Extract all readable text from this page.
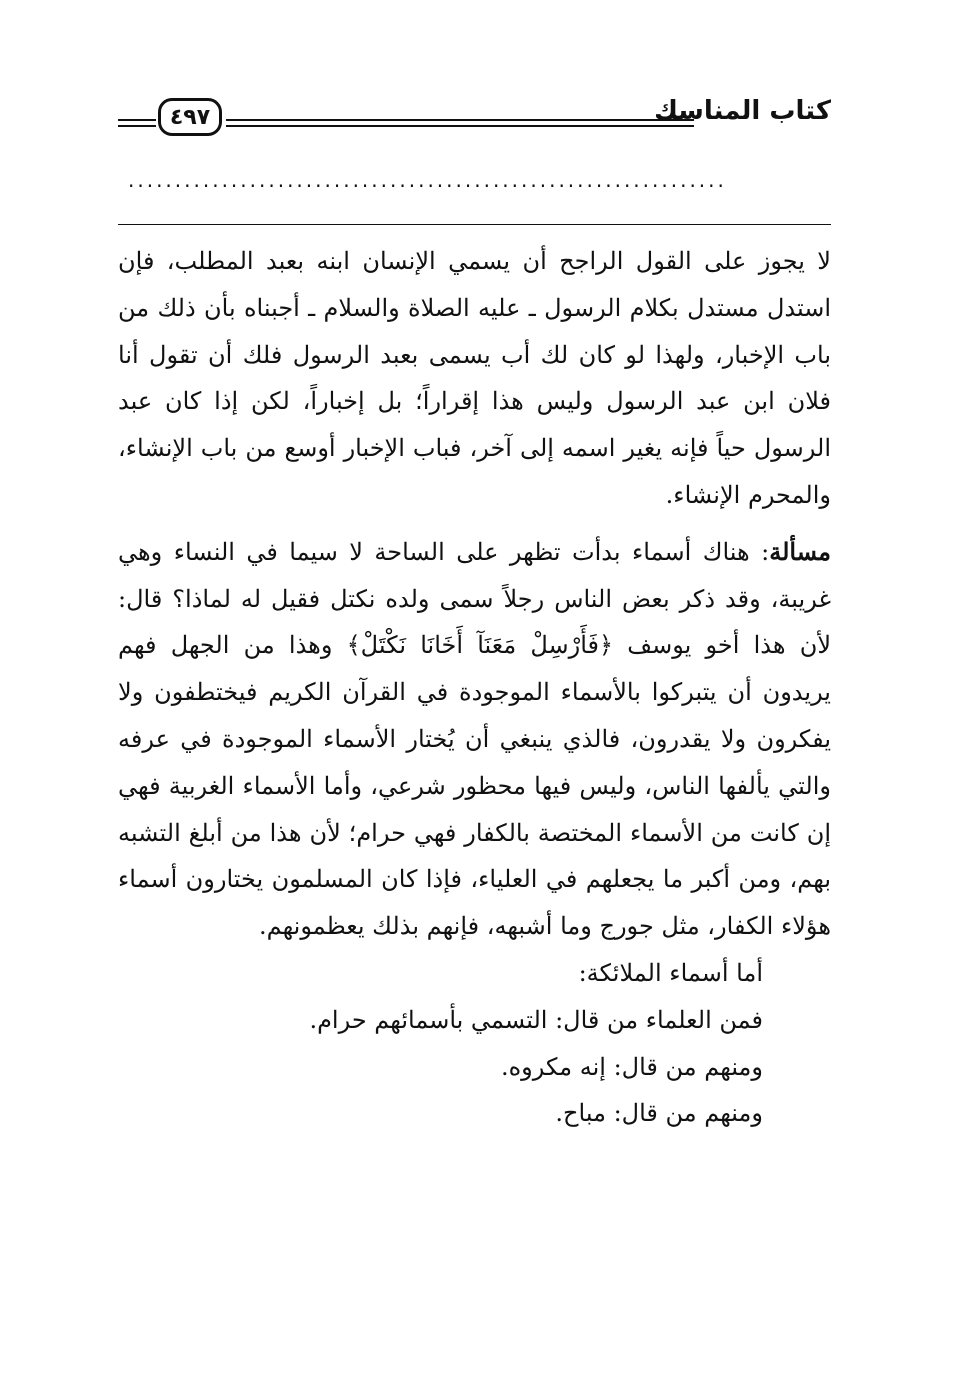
٤٩٧	كتاب المناسك
................................................................

لا يجوز على القول الراجح أن يسمي الإنسان ابنه بعبد المطلب، فإن استدل مستدل بكلام الرسول ـ عليه الصلاة والسلام ـ أجبناه بأن ذلك من باب الإخبار، ولهذا لو كان لك أب يسمى بعبد الرسول فلك أن تقول أنا فلان ابن عبد الرسول وليس هذا إقراراً؛ بل إخباراً، لكن إذا كان عبد الرسول حياً فإنه يغير اسمه إلى آخر، فباب الإخبار أوسع من باب الإنشاء، والمحرم الإنشاء.

مسألة: هناك أسماء بدأت تظهر على الساحة لا سيما في النساء وهي غريبة، وقد ذكر بعض الناس رجلاً سمى ولده نكتل فقيل له لماذا؟ قال: لأن هذا أخو يوسف ﴿فَأَرْسِلْ مَعَنَآ أَخَانَا نَكْتَلْ﴾ وهذا من الجهل فهم يريدون أن يتبركوا بالأسماء الموجودة في القرآن الكريم فيختطفون ولا يفكرون ولا يقدرون، فالذي ينبغي أن يُختار الأسماء الموجودة في عرفه والتي يألفها الناس، وليس فيها محظور شرعي، وأما الأسماء الغربية فهي إن كانت من الأسماء المختصة بالكفار فهي حرام؛ لأن هذا من أبلغ التشبه بهم، ومن أكبر ما يجعلهم في العلياء، فإذا كان المسلمون يختارون أسماء هؤلاء الكفار، مثل جورج وما أشبهه، فإنهم بذلك يعظمونهم.

أما أسماء الملائكة:

فمن العلماء من قال: التسمي بأسمائهم حرام.

ومنهم من قال: إنه مكروه.

ومنهم من قال: مباح.
